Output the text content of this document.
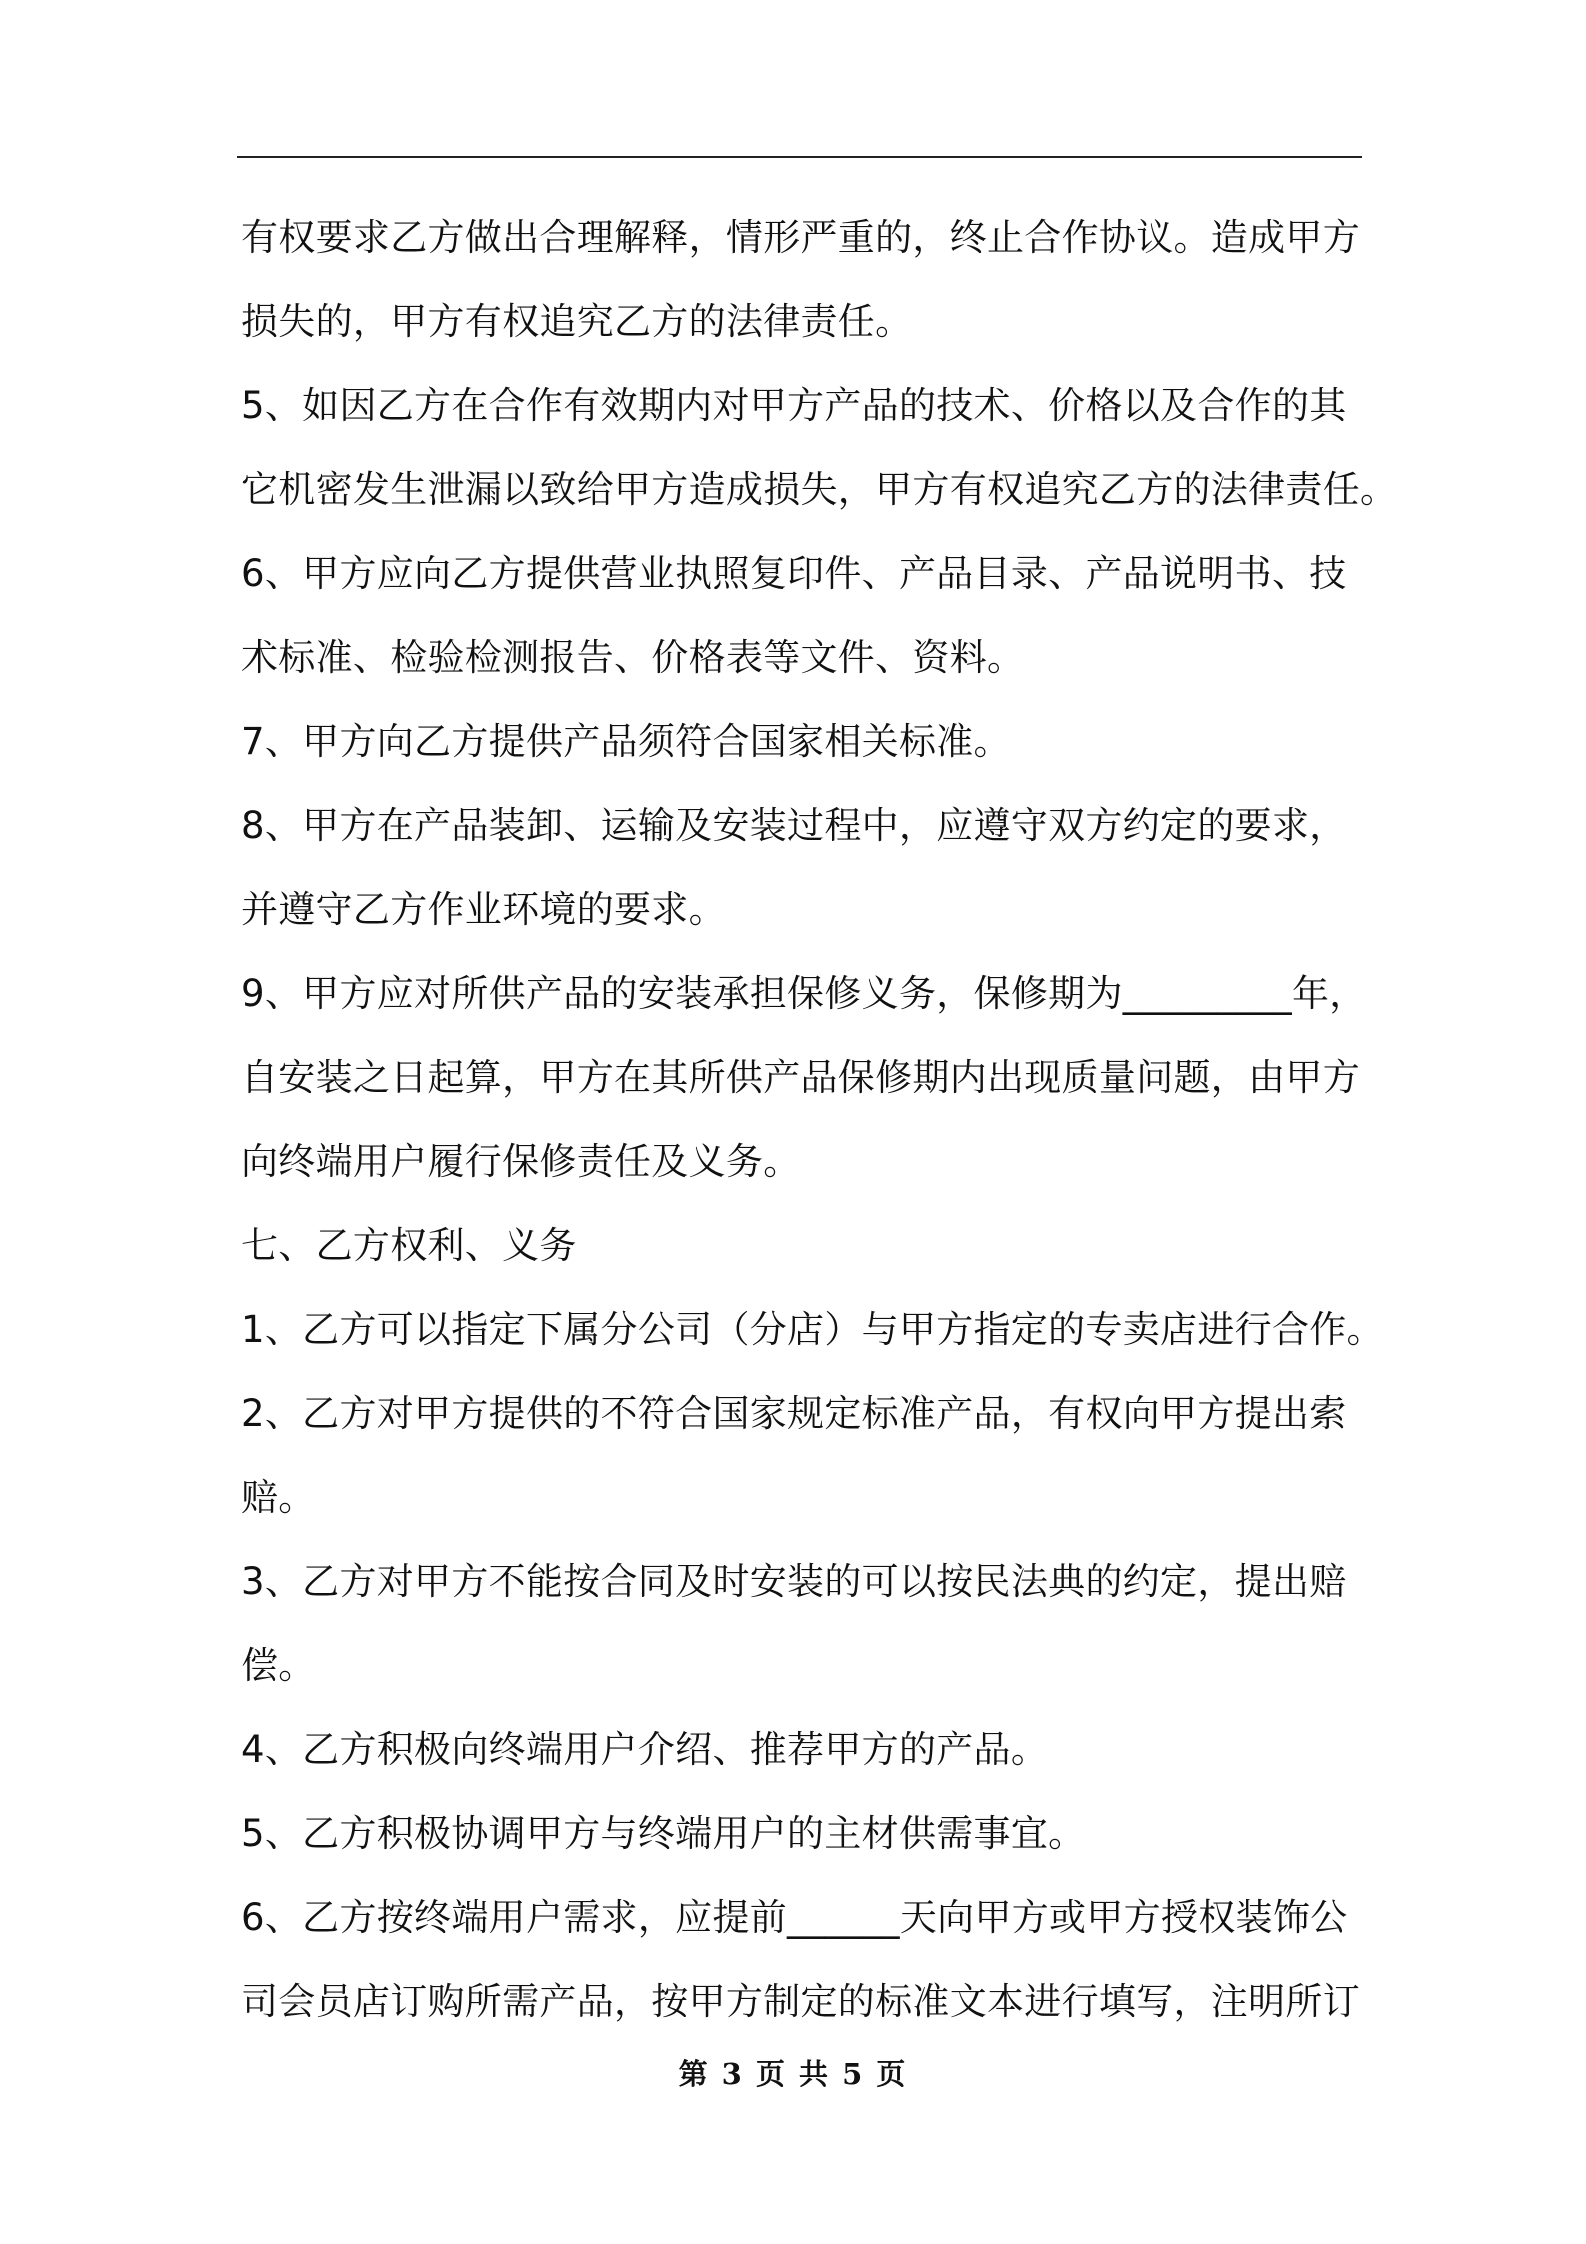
有权要求乙方做出合理解释，情形严重的，终止合作协议。造成甲方
损失的，甲方有权追究乙方的法律责任。
5、如因乙方在合作有效期内对甲方产品的技术、价格以及合作的其
它机密发生泄漏以致给甲方造成损失，甲方有权追究乙方的法律责任。
6、甲方应向乙方提供营业执照复印件、产品目录、产品说明书、技
术标准、检验检测报告、价格表等文件、资料。
7、甲方向乙方提供产品须符合国家相关标准。
8、甲方在产品装卸、运输及安装过程中，应遵守双方约定的要求，
并遵守乙方作业环境的要求。
9、甲方应对所供产品的安装承担保修义务，保修期为_________年，
自安装之日起算，甲方在其所供产品保修期内出现质量问题，由甲方
向终端用户履行保修责任及义务。
七、乙方权利、义务
1、乙方可以指定下属分公司（分店）与甲方指定的专卖店进行合作。
2、乙方对甲方提供的不符合国家规定标准产品，有权向甲方提出索
赔。
3、乙方对甲方不能按合同及时安装的可以按民法典的约定，提出赔
偿。
4、乙方积极向终端用户介绍、推荐甲方的产品。
5、乙方积极协调甲方与终端用户的主材供需事宜。
6、乙方按终端用户需求，应提前______天向甲方或甲方授权装饰公
司会员店订购所需产品，按甲方制定的标准文本进行填写，注明所订
第 3 页 共 5 页
